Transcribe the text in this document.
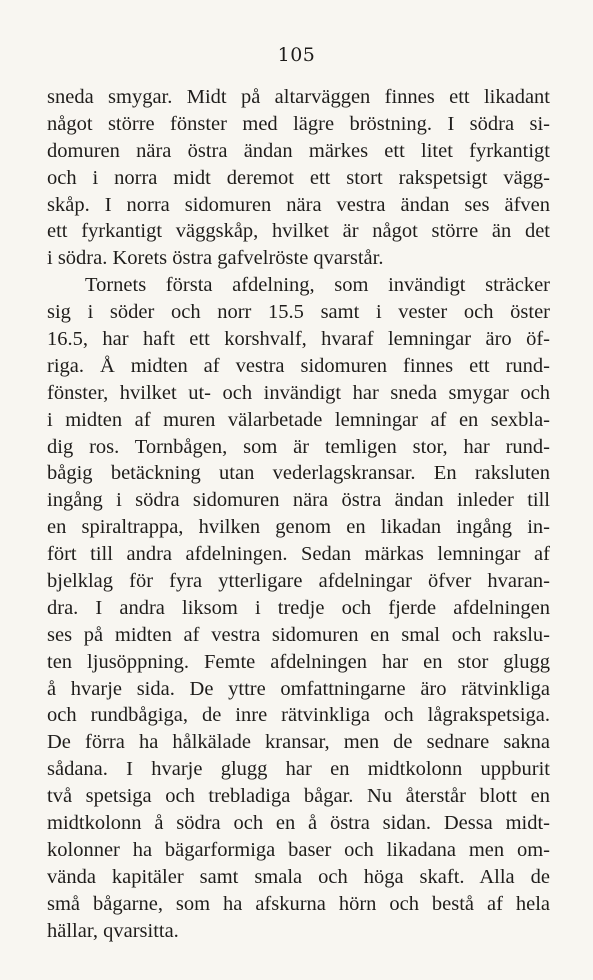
105
sneda smygar. Midt på altarväggen finnes ett likadant
något större fönster med lägre bröstning. I södra si-
domuren nära östra ändan märkes ett litet fyrkantigt
och i norra midt deremot ett stort rakspetsigt vägg-
skåp. I norra sidomuren nära vestra ändan ses äfven
ett fyrkantigt väggskåp, hvilket är något större än det
i södra. Korets östra gafvelröste qvarstår.
Tornets första afdelning, som invändigt sträcker
sig i söder och norr 15.5 samt i vester och öster
16.5, har haft ett korshvalf, hvaraf lemningar äro öf-
riga. Å midten af vestra sidomuren finnes ett rund-
fönster, hvilket ut- och invändigt har sneda smygar och
i midten af muren välarbetade lemningar af en sexbla-
dig ros. Tornbågen, som är temligen stor, har rund-
bågig betäckning utan vederlagskransar. En raksluten
ingång i södra sidomuren nära östra ändan inleder till
en spiraltrappa, hvilken genom en likadan ingång in-
fört till andra afdelningen. Sedan märkas lemningar af
bjelklag för fyra ytterligare afdelningar öfver hvaran-
dra. I andra liksom i tredje och fjerde afdelningen
ses på midten af vestra sidomuren en smal och rakslu-
ten ljusöppning. Femte afdelningen har en stor glugg
å hvarje sida. De yttre omfattningarne äro rätvinkliga
och rundbågiga, de inre rätvinkliga och lågrakspetsiga.
De förra ha hålkälade kransar, men de sednare sakna
sådana. I hvarje glugg har en midtkolonn uppburit
två spetsiga och trebladiga bågar. Nu återstår blott en
midtkolonn å södra och en å östra sidan. Dessa midt-
kolonner ha bägarformiga baser och likadana men om-
vända kapitäler samt smala och höga skaft. Alla de
små bågarne, som ha afskurna hörn och bestå af hela
hällar, qvarsitta.
